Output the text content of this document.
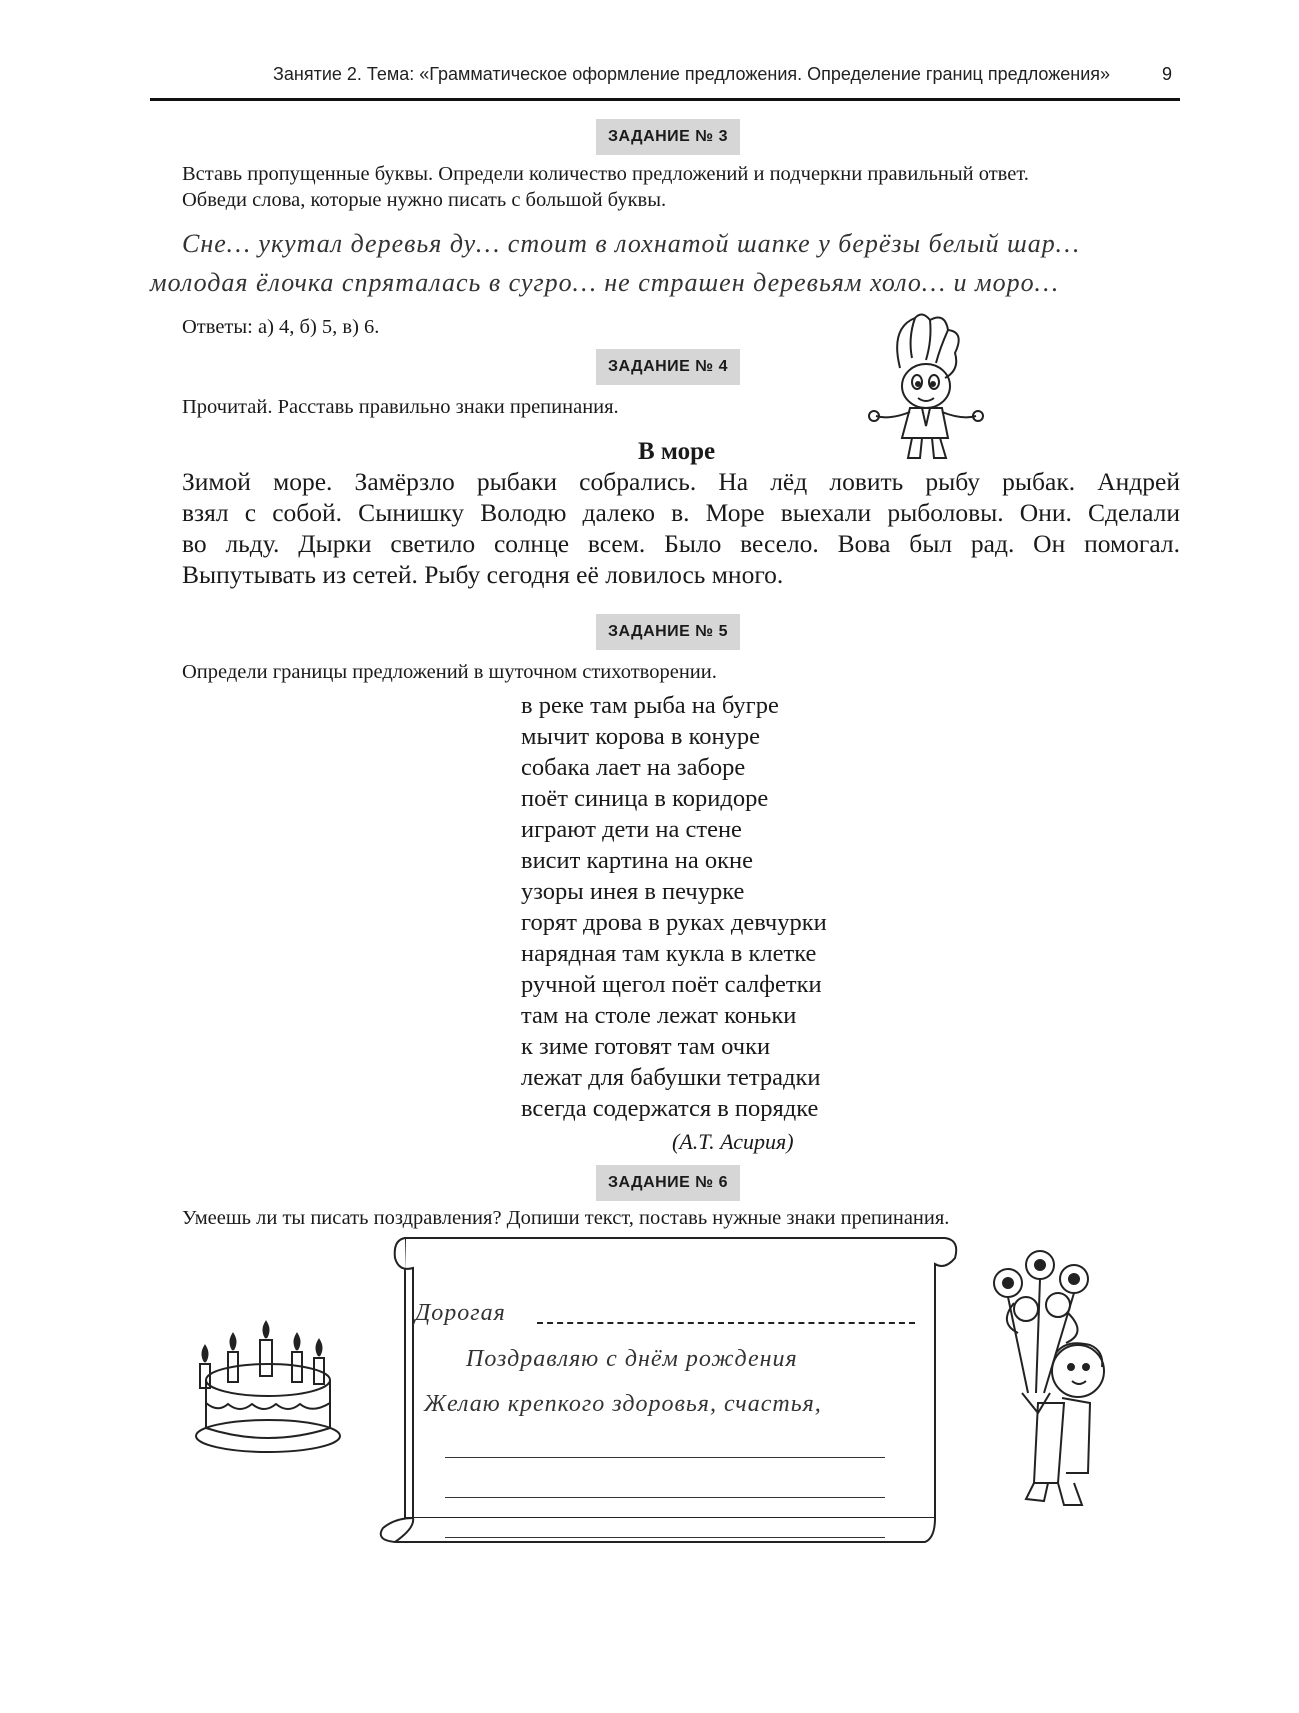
Занятие 2. Тема: «Грамматическое оформление предложения. Определение границ предложения»	9
ЗАДАНИЕ № 3
Вставь пропущенные буквы. Определи количество предложений и подчеркни правильный ответ.
Обведи слова, которые нужно писать с большой буквы.
Сне… укутал деревья ду… стоит в лохнатой шапке у берёзы белый шар…
молодая ёлочка спряталась в сугро… не страшен деревьям холо… и моро…
Ответы: а) 4, б) 5, в) 6.
ЗАДАНИЕ № 4
Прочитай. Расставь правильно знаки препинания.
В море
Зимой море. Замёрзло рыбаки собрались. На лёд ловить рыбу рыбак. Андрей
взял с собой. Сынишку Володю далеко в. Море выехали рыболовы. Они. Сделали
во льду. Дырки светило солнце всем. Было весело. Вова был рад. Он помогал.
Выпутывать из сетей. Рыбу сегодня её ловилось много.
ЗАДАНИЕ № 5
Определи границы предложений в шуточном стихотворении.
в реке там рыба на бугре
мычит корова в конуре
собака лает на заборе
поёт синица в коридоре
играют дети на стене
висит картина на окне
узоры инея в печурке
горят дрова в руках девчурки
нарядная там кукла в клетке
ручной щегол поёт салфетки
там на столе лежат коньки
к зиме готовят там очки
лежат для бабушки тетрадки
всегда содержатся в порядке
(А.Т. Асирия)
ЗАДАНИЕ № 6
Умеешь ли ты писать поздравления? Допиши текст, поставь нужные знаки препинания.
Дорогая
Поздравляю с днём рождения
Желаю крепкого здоровья, счастья,
